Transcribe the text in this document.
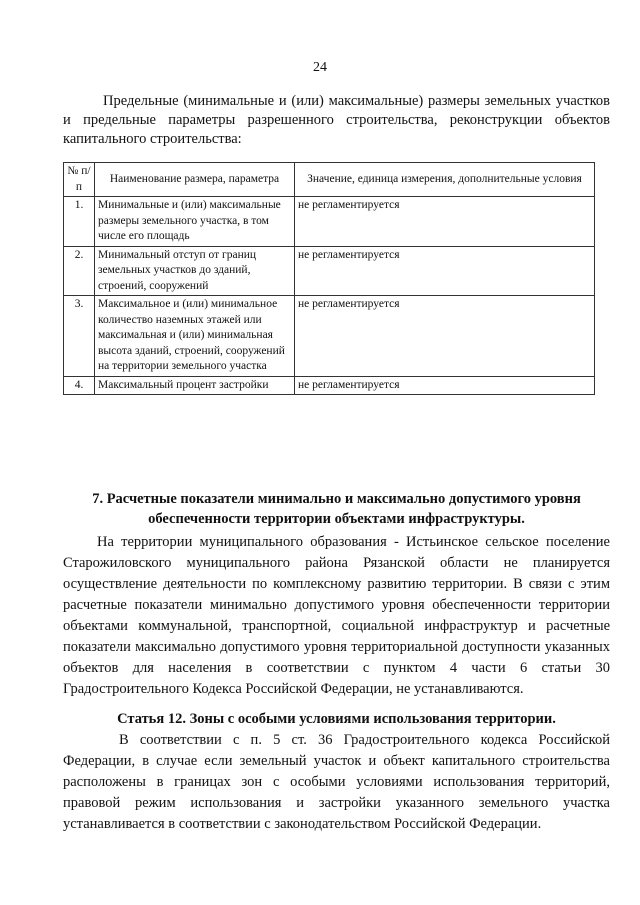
24

Предельные (минимальные и (или) максимальные) размеры земельных участков и предельные параметры разрешенного строительства, реконструкции объектов капитального строительства:

№ п/п	Наименование размера, параметра	Значение, единица измерения, дополнительные условия
1.	Минимальные и (или) максимальные размеры земельного участка, в том числе его площадь	не регламентируется
2.	Минимальный отступ от границ земельных участков до зданий, строений, сооружений	не регламентируется
3.	Максимальное и (или) минимальное количество наземных этажей или максимальная и (или) минимальная высота зданий, строений, сооружений на территории земельного участка	не регламентируется
4.	Максимальный процент застройки	не регламентируется
7. Расчетные показатели минимально и максимально допустимого уровня обеспеченности территории объектами инфраструктуры.

На территории муниципального образования - Истьинское сельское поселение Старожиловского муниципального района Рязанской области не планируется осуществление деятельности по комплексному развитию территории. В связи с этим расчетные показатели минимально допустимого уровня обеспеченности территории объектами коммунальной, транспортной, социальной инфраструктур и расчетные показатели максимально допустимого уровня территориальной доступности указанных объектов для населения в соответствии с пунктом 4 части 6 статьи 30 Градостроительного Кодекса Российской Федерации, не устанавливаются.

Статья 12. Зоны с особыми условиями использования территории.

В соответствии с п. 5 ст. 36 Градостроительного кодекса Российской Федерации, в случае если земельный участок и объект капитального строительства расположены в границах зон с особыми условиями использования территорий, правовой режим использования и застройки указанного земельного участка устанавливается в соответствии с законодательством Российской Федерации.
